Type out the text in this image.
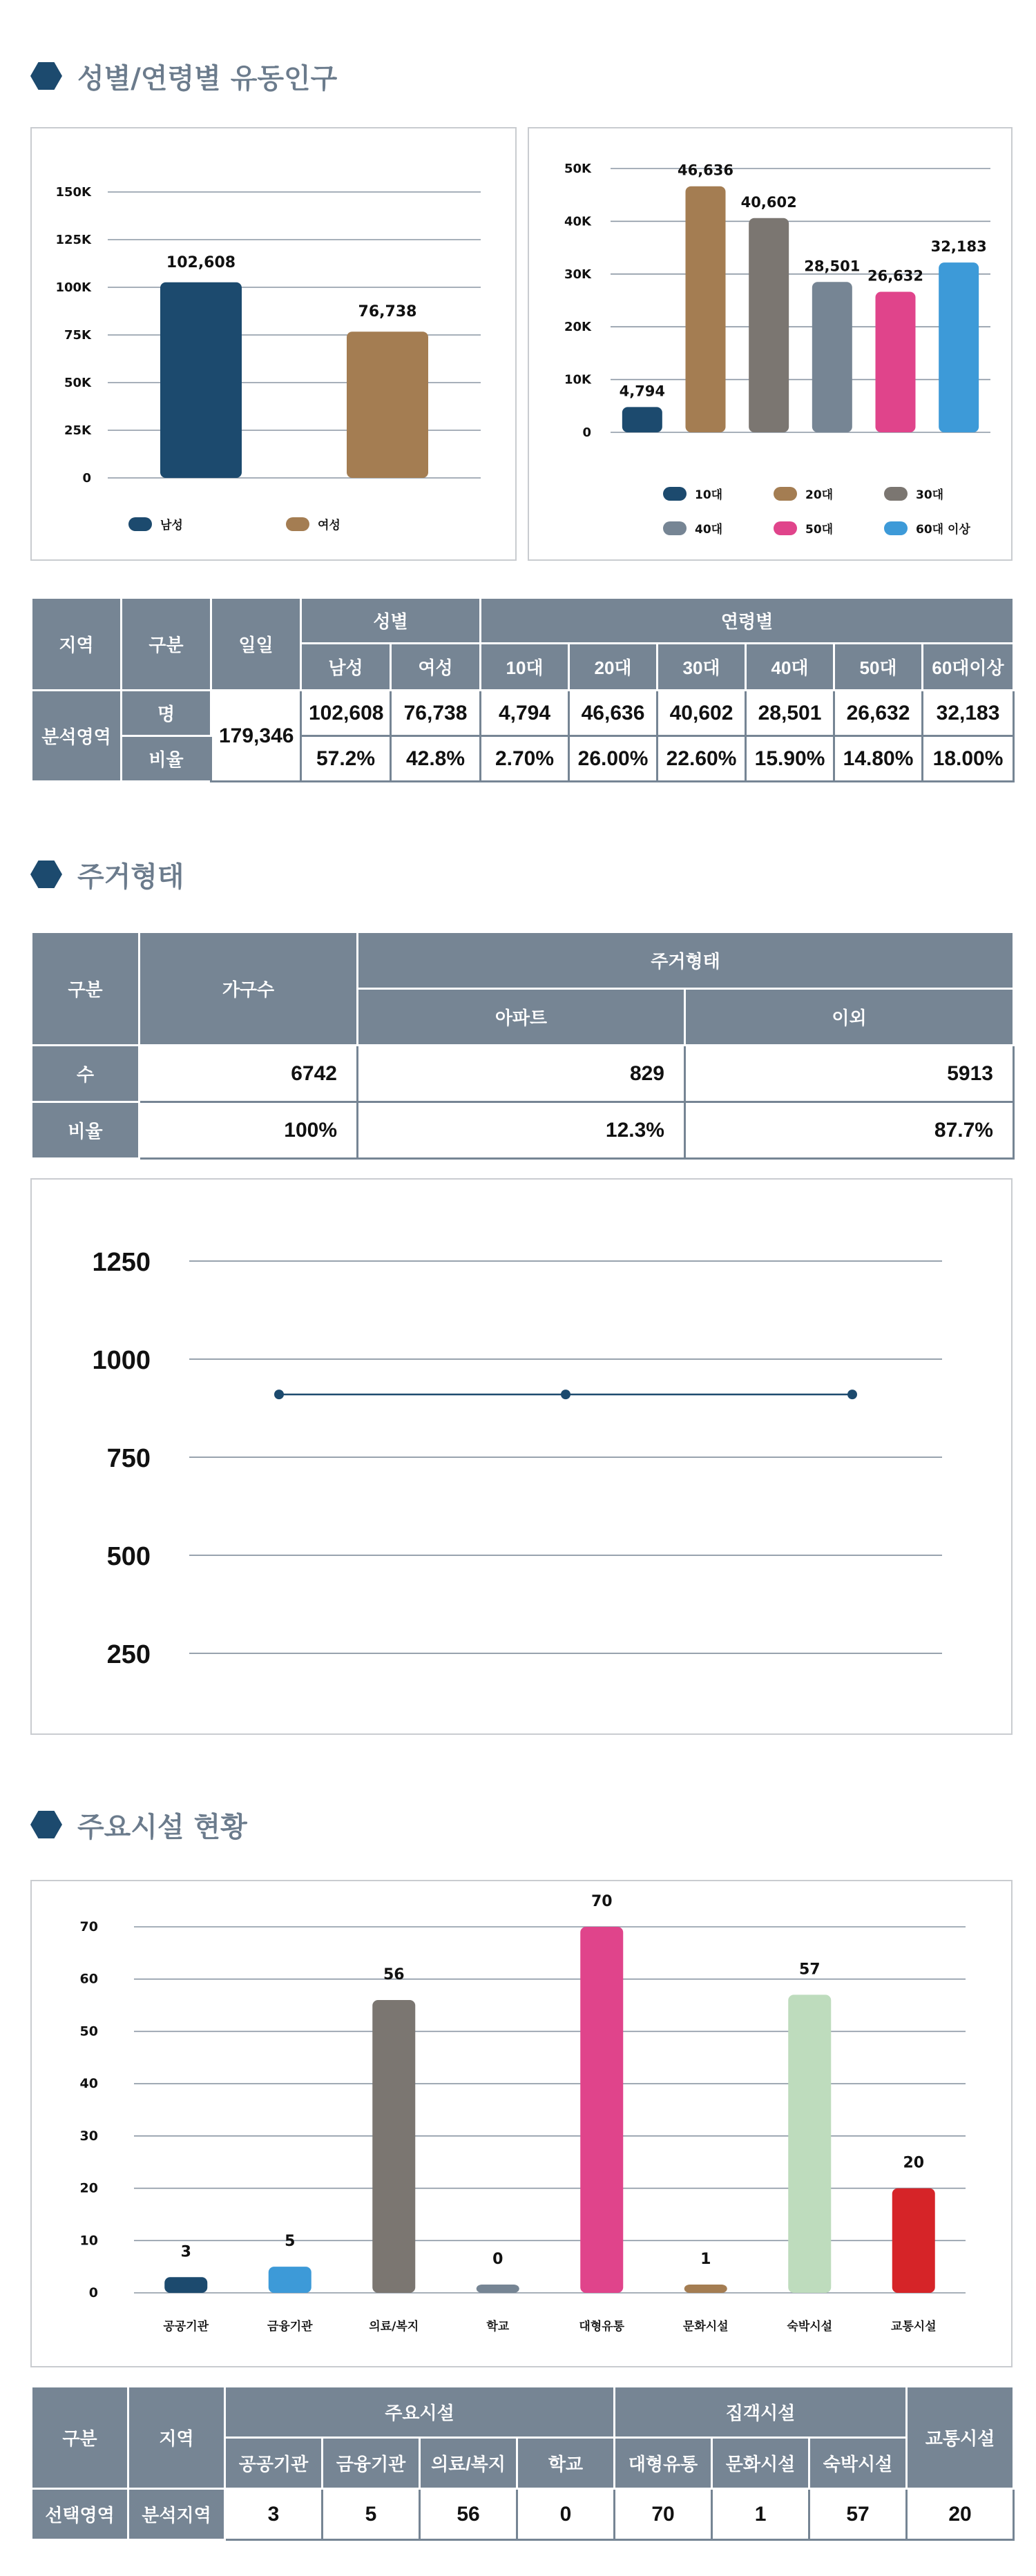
성별/연령별 유동인구
0
25K
50K
75K
100K
125K
150K
102,608
76,738
남성	여성
0
10K
20K
30K
40K
50K
4,794
46,636
40,602
28,501
26,632
32,183
10대	20대	30대
40대	50대	60대 이상
지역	구분	일일	성별		연령별					
			남성	여성	10대	20대	30대	40대	50대	60대이상
분석영역	명	179,346	102,608	76,738	4,794	46,636	40,602	28,501	26,632	32,183
	비율		57.2%	42.8%	2.70%	26.00%	22.60%	15.90%	14.80%	18.00%
주거형태
구분	가구수	주거형태	
		아파트	이외
수	6742	829	5913
비율	100%	12.3%	87.7%
250
500
750
1000
1250
주요시설 현황
0
10
20
30
40
50
60
70
3
공공기관
5
금융기관
56
의료/복지
0
학교
70
대형유통
1
문화시설
57
숙박시설
20
교통시설
구분	지역	주요시설				집객시설			교통시설
		공공기관	금융기관	의료/복지	학교	대형유통	문화시설	숙박시설	
선택영역	분석지역	3	5	56	0	70	1	57	20
